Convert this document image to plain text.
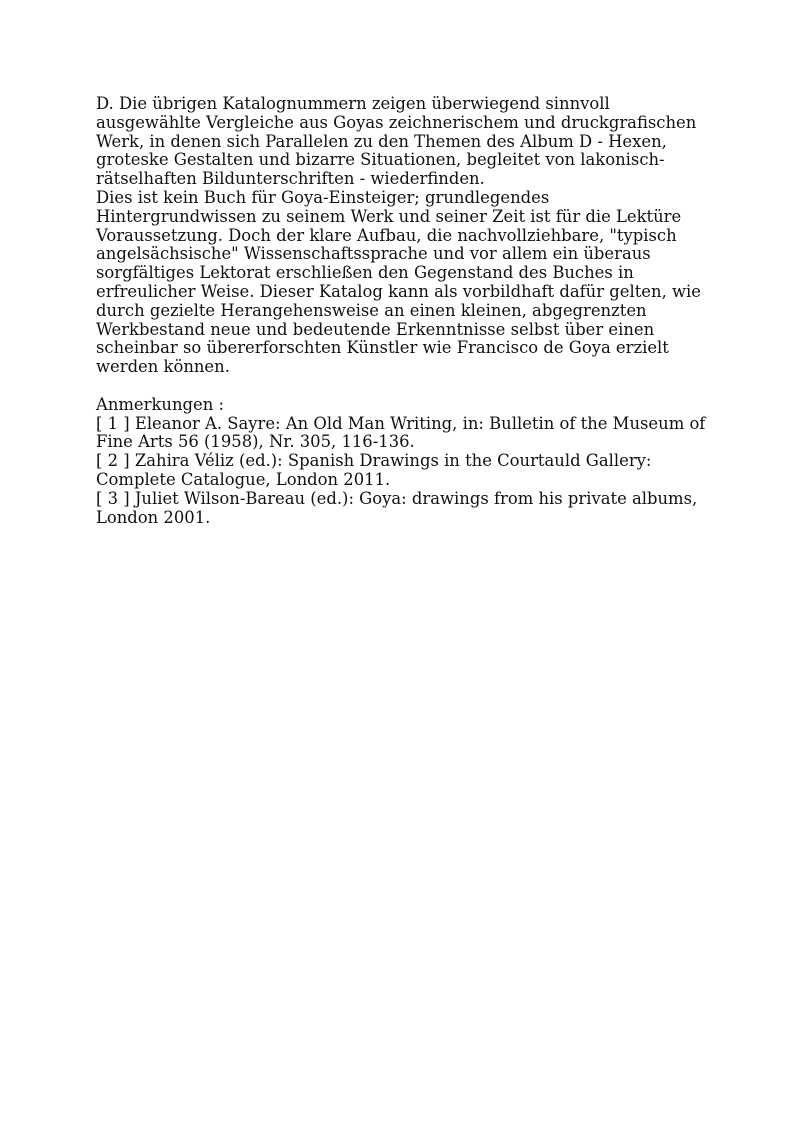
D. Die übrigen Katalognummern zeigen überwiegend sinnvoll
ausgewählte Vergleiche aus Goyas zeichnerischem und druckgrafischen
Werk, in denen sich Parallelen zu den Themen des Album D - Hexen,
groteske Gestalten und bizarre Situationen, begleitet von lakonisch-
rätselhaften Bildunterschriften - wiederfinden.
Dies ist kein Buch für Goya-Einsteiger; grundlegendes
Hintergrundwissen zu seinem Werk und seiner Zeit ist für die Lektüre
Voraussetzung. Doch der klare Aufbau, die nachvollziehbare, "typisch
angelsächsische" Wissenschaftssprache und vor allem ein überaus
sorgfältiges Lektorat erschließen den Gegenstand des Buches in
erfreulicher Weise. Dieser Katalog kann als vorbildhaft dafür gelten, wie
durch gezielte Herangehensweise an einen kleinen, abgegrenzten
Werkbestand neue und bedeutende Erkenntnisse selbst über einen
scheinbar so übererforschten Künstler wie Francisco de Goya erzielt
werden können.
Anmerkungen :
[ 1 ] Eleanor A. Sayre: An Old Man Writing, in: Bulletin of the Museum of
Fine Arts 56 (1958), Nr. 305, 116-136.
[ 2 ] Zahira Véliz (ed.): Spanish Drawings in the Courtauld Gallery:
Complete Catalogue, London 2011.
[ 3 ] Juliet Wilson-Bareau (ed.): Goya: drawings from his private albums,
London 2001.
